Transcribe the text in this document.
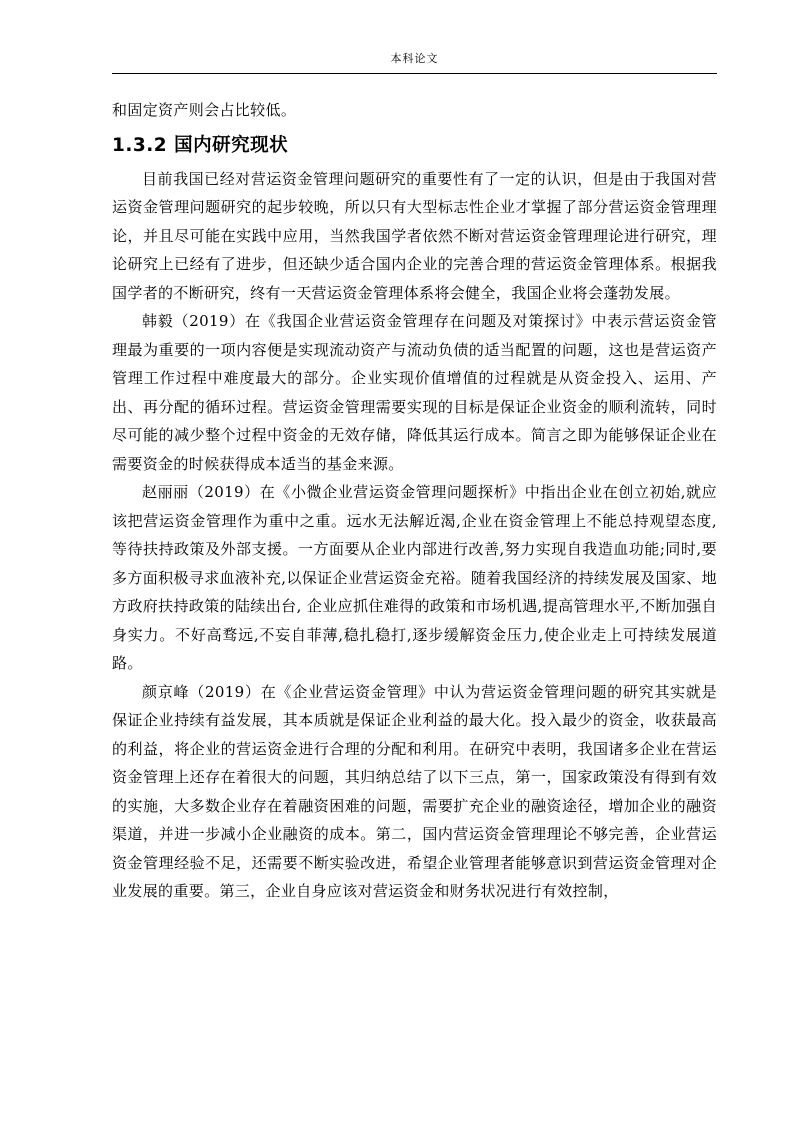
本科论文

和固定资产则会占比较低。

1.3.2 国内研究现状

目前我国已经对营运资金管理问题研究的重要性有了一定的认识，但是由于我国对营运资金管理问题研究的起步较晚，所以只有大型标志性企业才掌握了部分营运资金管理理论，并且尽可能在实践中应用，当然我国学者依然不断对营运资金管理理论进行研究，理论研究上已经有了进步，但还缺少适合国内企业的完善合理的营运资金管理体系。根据我国学者的不断研究，终有一天营运资金管理体系将会健全，我国企业将会蓬勃发展。

韩毅（2019）在《我国企业营运资金管理存在问题及对策探讨》中表示营运资金管理最为重要的一项内容便是实现流动资产与流动负债的适当配置的问题，这也是营运资产管理工作过程中难度最大的部分。企业实现价值增值的过程就是从资金投入、运用、产出、再分配的循环过程。营运资金管理需要实现的目标是保证企业资金的顺利流转，同时尽可能的减少整个过程中资金的无效存储，降低其运行成本。简言之即为能够保证企业在需要资金的时候获得成本适当的基金来源。

赵丽丽（2019）在《小微企业营运资金管理问题探析》中指出企业在创立初始,就应该把营运资金管理作为重中之重。远水无法解近渴,企业在资金管理上不能总持观望态度,等待扶持政策及外部支援。一方面要从企业内部进行改善,努力实现自我造血功能;同时,要多方面积极寻求血液补充,以保证企业营运资金充裕。随着我国经济的持续发展及国家、地方政府扶持政策的陆续出台, 企业应抓住难得的政策和市场机遇,提高管理水平,不断加强自身实力。不好高骛远,不妄自菲薄,稳扎稳打,逐步缓解资金压力,使企业走上可持续发展道路。

颜京峰（2019）在《企业营运资金管理》中认为营运资金管理问题的研究其实就是保证企业持续有益发展，其本质就是保证企业利益的最大化。投入最少的资金，收获最高的利益，将企业的营运资金进行合理的分配和利用。在研究中表明，我国诸多企业在营运资金管理上还存在着很大的问题，其归纳总结了以下三点，第一，国家政策没有得到有效的实施，大多数企业存在着融资困难的问题，需要扩充企业的融资途径，增加企业的融资渠道，并进一步减小企业融资的成本。第二，国内营运资金管理理论不够完善，企业营运资金管理经验不足，还需要不断实验改进，希望企业管理者能够意识到营运资金管理对企业发展的重要。第三，企业自身应该对营运资金和财务状况进行有效控制，
